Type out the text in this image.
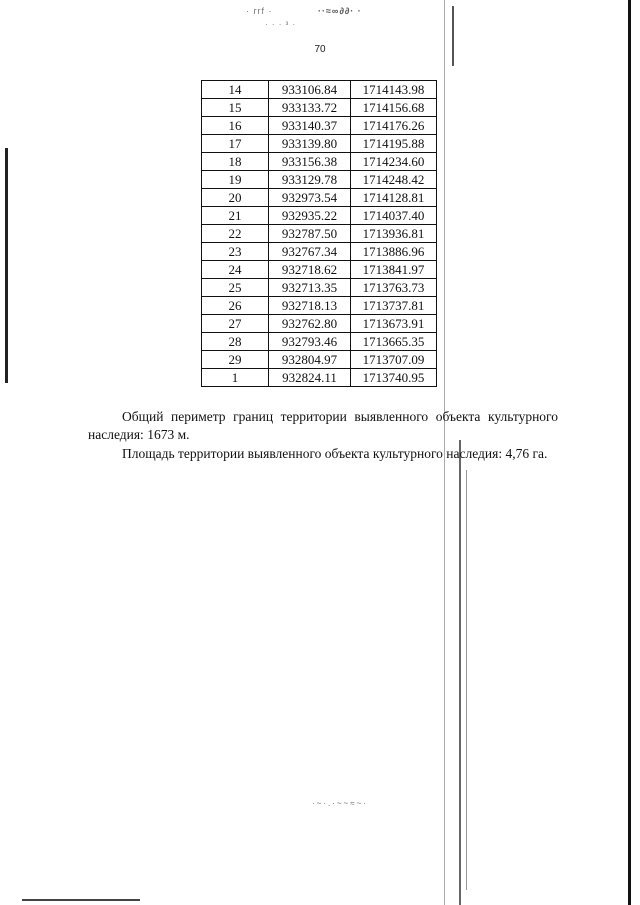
· rrf ·	··≈∞∂∂· ·
· · · ³ ·
·~·.·~~≈~·
70
14	933106.84	1714143.98
15	933133.72	1714156.68
16	933140.37	1714176.26
17	933139.80	1714195.88
18	933156.38	1714234.60
19	933129.78	1714248.42
20	932973.54	1714128.81
21	932935.22	1714037.40
22	932787.50	1713936.81
23	932767.34	1713886.96
24	932718.62	1713841.97
25	932713.35	1713763.73
26	932718.13	1713737.81
27	932762.80	1713673.91
28	932793.46	1713665.35
29	932804.97	1713707.09
1	932824.11	1713740.95
Общий периметр границ территории выявленного объекта культурного наследия: 1673 м.
Площадь территории выявленного объекта культурного наследия: 4,76 га.
